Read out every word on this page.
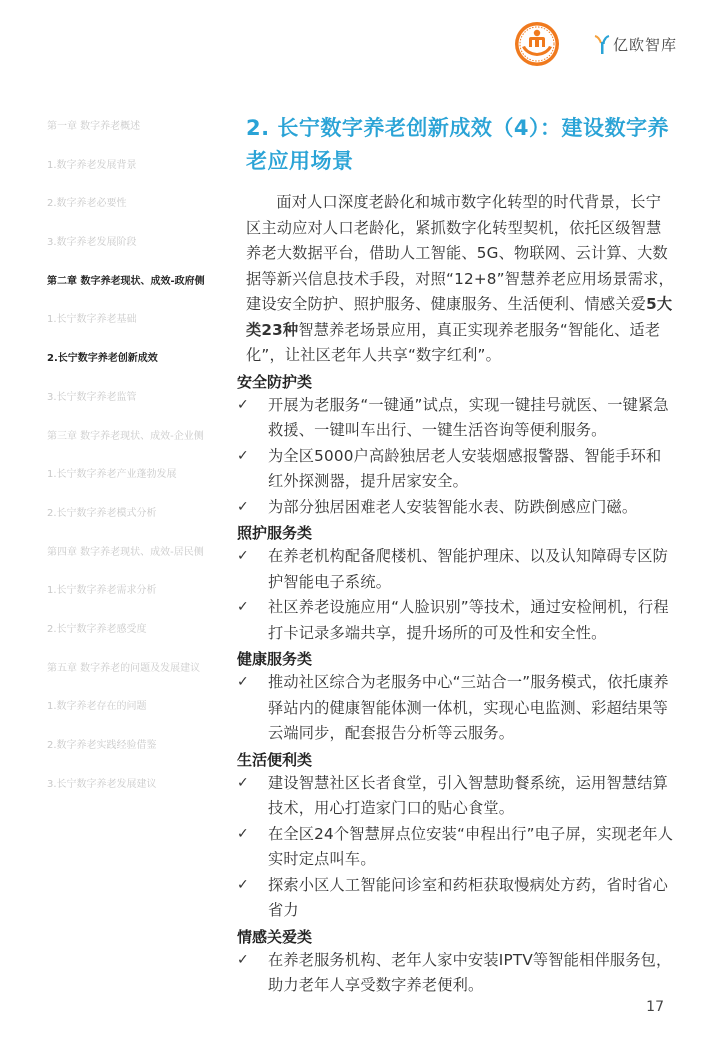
亿欧智库
第一章 数字养老概述
1.数字养老发展背景
2.数字养老必要性
3.数字养老发展阶段
第二章 数字养老现状、成效-政府侧
1.长宁数字养老基础
2.长宁数字养老创新成效
3.长宁数字养老监管
第三章 数字养老现状、成效-企业侧
1.长宁数字养老产业蓬勃发展
2.长宁数字养老模式分析
第四章 数字养老现状、成效-居民侧
1.长宁数字养老需求分析
2.长宁数字养老感受度
第五章 数字养老的问题及发展建议
1.数字养老存在的问题
2.数字养老实践经验借鉴
3.长宁数字养老发展建议
2. 长宁数字养老创新成效（4）：建设数字养老应用场景

面对人口深度老龄化和城市数字化转型的时代背景，长宁区主动应对人口老龄化，紧抓数字化转型契机，依托区级智慧养老大数据平台，借助人工智能、5G、物联网、云计算、大数据等新兴信息技术手段，对照“12+8”智慧养老应用场景需求，建设安全防护、照护服务、健康服务、生活便利、情感关爱5大类23种智慧养老场景应用，真正实现养老服务“智能化、适老化”，让社区老年人共享“数字红利”。

安全防护类
✓	开展为老服务“一键通”试点，实现一键挂号就医、一键紧急救援、一键叫车出行、一键生活咨询等便利服务。
✓	为全区5000户高龄独居老人安装烟感报警器、智能手环和红外探测器，提升居家安全。
✓	为部分独居困难老人安装智能水表、防跌倒感应门磁。
照护服务类
✓	在养老机构配备爬楼机、智能护理床、以及认知障碍专区防护智能电子系统。
✓	社区养老设施应用“人脸识别”等技术，通过安检闸机，行程打卡记录多端共享，提升场所的可及性和安全性。
健康服务类
✓	推动社区综合为老服务中心“三站合一”服务模式，依托康养驿站内的健康智能体测一体机，实现心电监测、彩超结果等云端同步，配套报告分析等云服务。
生活便利类
✓	建设智慧社区长者食堂，引入智慧助餐系统，运用智慧结算技术，用心打造家门口的贴心食堂。
✓	在全区24个智慧屏点位安装“申程出行”电子屏，实现老年人实时定点叫车。
✓	探索小区人工智能问诊室和药柜获取慢病处方药，省时省心省力
情感关爱类
✓	在养老服务机构、老年人家中安装IPTV等智能相伴服务包，助力老年人享受数字养老便利。
17
